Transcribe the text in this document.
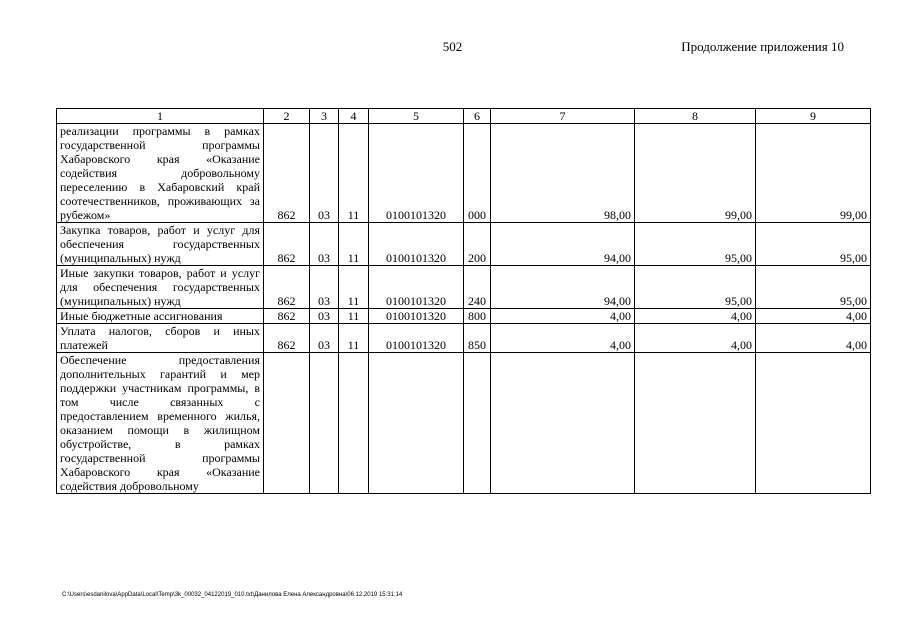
502	Продолжение приложения 10
1	2	3	4	5	6	7	8	9
реализации программы в рамках государственной программы Хабаровского края «Оказание содействия добровольному переселению в Хабаровский край соотечественников, проживающих за рубежом»	862	03	11	0100101320	000	98,00	99,00	99,00
Закупка товаров, работ и услуг для обеспечения государственных (муниципальных) нужд	862	03	11	0100101320	200	94,00	95,00	95,00
Иные закупки товаров, работ и услуг для обеспечения государственных (муниципальных) нужд	862	03	11	0100101320	240	94,00	95,00	95,00
Иные бюджетные ассигнования	862	03	11	0100101320	800	4,00	4,00	4,00
Уплата налогов, сборов и иных платежей	862	03	11	0100101320	850	4,00	4,00	4,00
Обеспечение предоставления дополнительных гарантий и мер поддержки участникам программы, в том числе связанных с предоставлением временного жилья, оказанием помощи в жилищном обустройстве, в рамках государственной программы Хабаровского края «Оказание содействия добровольному								
C:\Users\esdanilova\AppData\Local\Temp\3k_00032_04122019_010.txt\Данилова Елена Александровна\06.12.2019 15:31:14
